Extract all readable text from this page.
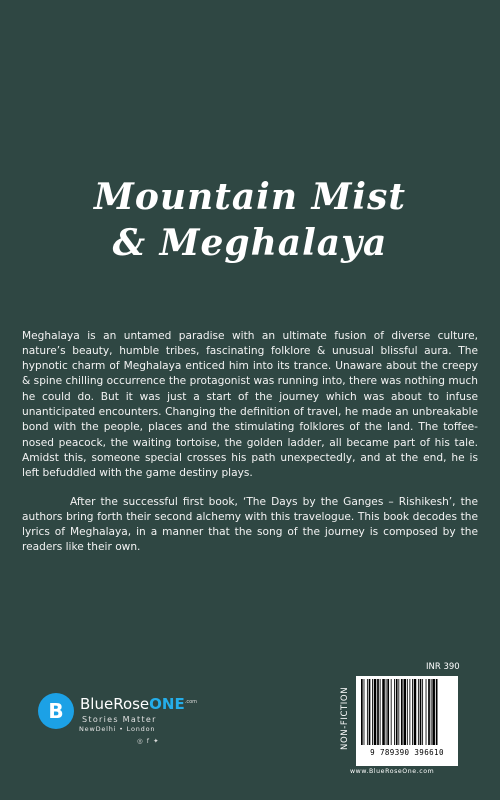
Mountain Mist
& Meghalaya

Meghalaya is an untamed paradise with an ultimate fusion of diverse culture, nature’s beauty, humble tribes, fascinating folklore & unusual blissful aura. The hypnotic charm of Meghalaya enticed him into its trance. Unaware about the creepy & spine chilling occurrence the protagonist was running into, there was nothing much he could do. But it was just a start of the journey which was about to infuse unanticipated encounters. Changing the definition of travel, he made an unbreakable bond with the people, places and the stimulating folklores of the land. The toffee-nosed peacock, the waiting tortoise, the golden ladder, all became part of his tale. Amidst this, someone special crosses his path unexpectedly, and at the end, he is left befuddled with the game destiny plays.

After the successful first book, ‘The Days by the Ganges – Rishikesh’, the authors bring forth their second alchemy with this travelogue. This book decodes the lyrics of Meghalaya, in a manner that the song of the journey is composed by the readers like their own.

B	BlueRoseONE$^{.com}$
Stories Matter
NewDelhi • London
◎ f ✦
INR 390
NON-FICTION
9 789390 396610
www.BlueRoseOne.com
